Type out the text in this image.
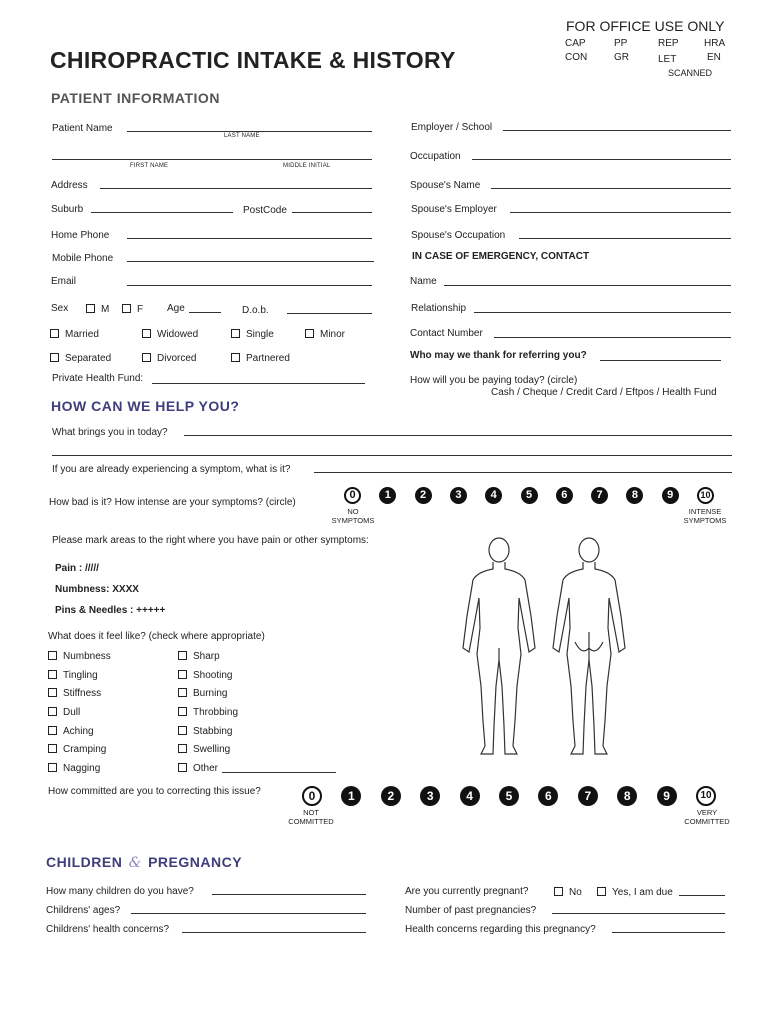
FOR OFFICE USE ONLY
CAP	PP	REP	HRA
CON	GR	LET	EN
SCANNED
CHIROPRACTIC INTAKE & HISTORY
PATIENT INFORMATION
Patient Name
LAST NAME
FIRST NAME	MIDDLE INITIAL
Address
Suburb	PostCode
Home Phone
Mobile Phone
Email
Sex	M	F Age	D.o.b.
Married	Widowed	Single	Minor
Separated	Divorced	Partnered
Private Health Fund:
Employer / School
Occupation
Spouse's Name
Spouse's Employer
Spouse's Occupation
IN CASE OF EMERGENCY, CONTACT
Name
Relationship
Contact Number
Who may we thank for referring you?
How will you be paying today? (circle)
Cash / Cheque / Credit Card / Eftpos / Health Fund
HOW CAN WE HELP YOU?
What brings you in today?
If you are already experiencing a symptom, what is it?
How bad is it? How intense are your symptoms? (circle)
0	1	2	3	4	5	6	7	8	9	10
NO
SYMPTOMS
INTENSE
SYMPTOMS
Please mark areas to the right where you have pain or other symptoms:
Pain : /////
Numbness: XXXX
Pins & Needles : +++++
What does it feel like? (check where appropriate)
Numbness
Tingling
Stiffness
Dull
Aching
Cramping
Nagging
Sharp
Shooting
Burning
Throbbing
Stabbing
Swelling
Other
How committed are you to correcting this issue?	0	1	2	3	4	5	6	7	8	9	10
NOT
COMMITTED
VERY
COMMITTED
CHILDREN & PREGNANCY
How many children do you have?
Childrens' ages?
Childrens' health concerns?
Are you currently pregnant?	No	Yes, I am due
Number of past pregnancies?
Health concerns regarding this pregnancy?
